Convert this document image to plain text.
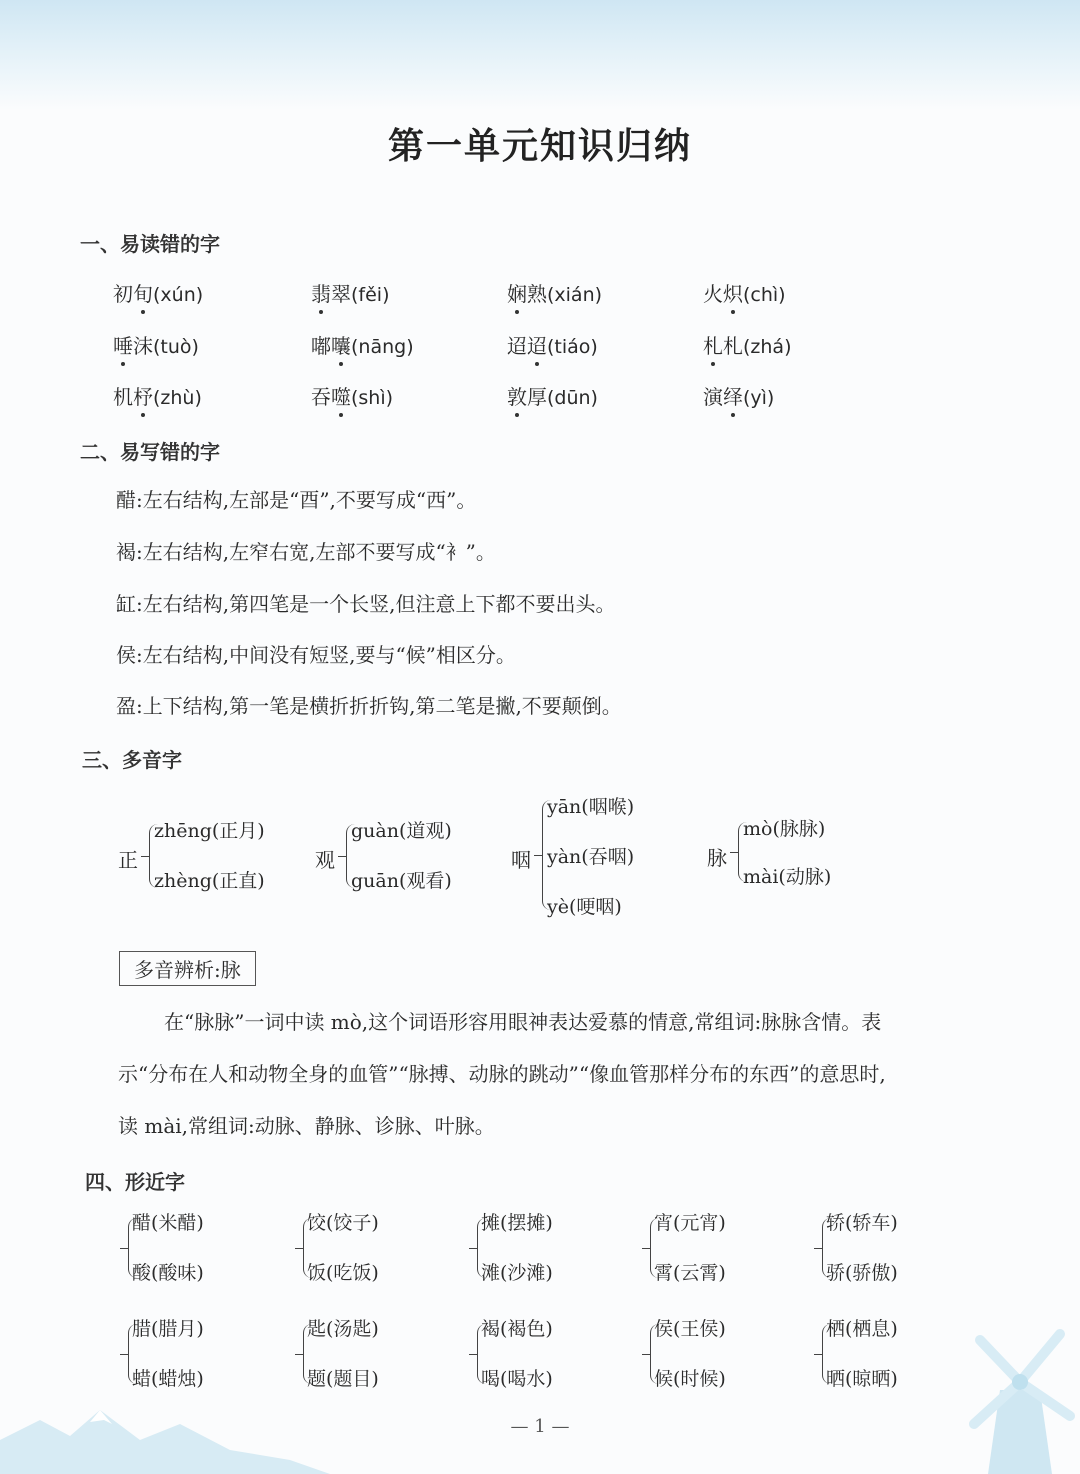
第一单元知识归纳
一、易读错的字
初旬(xún)	翡翠(fěi)	娴熟(xián)	火炽(chì)
唾沫(tuò)	嘟囔(nāng)	迢迢(tiáo)	札札(zhá)
机杼(zhù)	吞噬(shì)	敦厚(dūn)	演绎(yì)
二、易写错的字
醋:左右结构,左部是“酉”,不要写成“西”。
褐:左右结构,左窄右宽,左部不要写成“衤”。
缸:左右结构,第四笔是一个长竖,但注意上下都不要出头。
侯:左右结构,中间没有短竖,要与“候”相区分。
盈:上下结构,第一笔是横折折折钩,第二笔是撇,不要颠倒。
三、多音字
正
zhēng(正月)
zhèng(正直)
观
guàn(道观)
guān(观看)
咽
yān(咽喉)
yàn(吞咽)
yè(哽咽)
脉
mò(脉脉)
mài(动脉)
多音辨析:脉
在“脉脉”一词中读 mò,这个词语形容用眼神表达爱慕的情意,常组词:脉脉含情。表
示“分布在人和动物全身的血管”“脉搏、动脉的跳动”“像血管那样分布的东西”的意思时,
读 mài,常组词:动脉、静脉、诊脉、叶脉。
四、形近字
醋(米醋)
酸(酸味)
饺(饺子)
饭(吃饭)
摊(摆摊)
滩(沙滩)
宵(元宵)
霄(云霄)
轿(轿车)
骄(骄傲)
腊(腊月)
蜡(蜡烛)
匙(汤匙)
题(题目)
褐(褐色)
喝(喝水)
侯(王侯)
候(时候)
栖(栖息)
晒(晾晒)
— 1 —
